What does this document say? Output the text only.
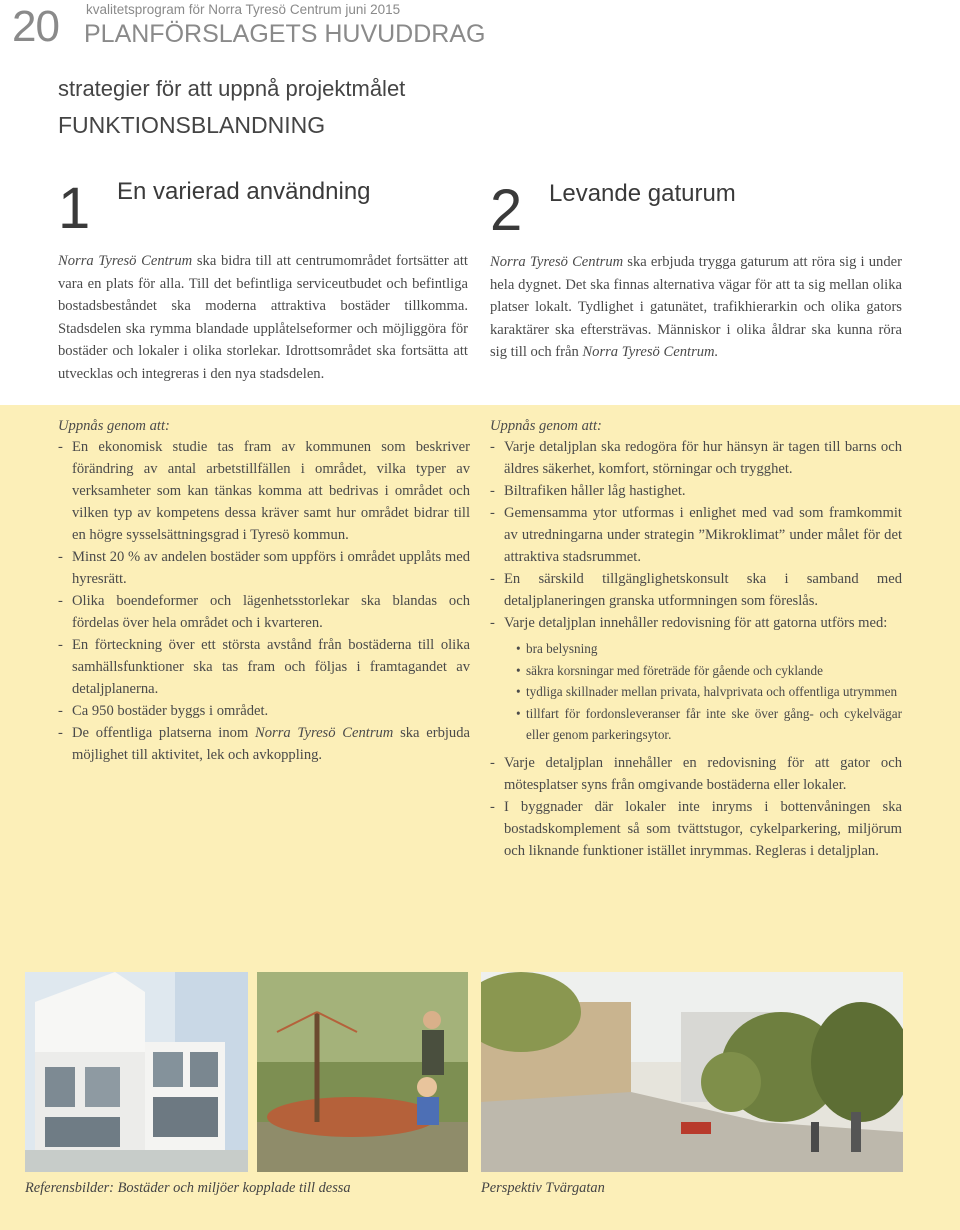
20 kvalitetsprogram för Norra Tyresö Centrum juni 2015
PLANFÖRSLAGETS HUVUDDRAG
strategier för att uppnå projektmålet
FUNKTIONSBLANDNING
1 En varierad användning
Norra Tyresö Centrum ska bidra till att centrumområdet fortsätter att vara en plats för alla. Till det befintliga serviceutbudet och befintliga bostadsbeståndet ska moderna attraktiva bostäder tillkomma. Stadsdelen ska rymma blandade upplåtelseformer och möjliggöra för bostäder och lokaler i olika storlekar. Idrottsområdet ska fortsätta att utvecklas och integreras i den nya stadsdelen.
Uppnås genom att:
- En ekonomisk studie tas fram av kommunen som beskriver förändring av antal arbetstillfällen i området, vilka typer av verksamheter som kan tänkas komma att bedrivas i området och vilken typ av kompetens dessa kräver samt hur området bidrar till en högre sysselsättningsgrad i Tyresö kommun.
- Minst 20 % av andelen bostäder som uppförs i området upplåts med hyresrätt.
- Olika boendeformer och lägenhetsstorlekar ska blandas och fördelas över hela området och i kvarteren.
- En förteckning över ett största avstånd från bostäderna till olika samhällsfunktioner ska tas fram och följas i framtagandet av detaljplanerna.
- Ca 950 bostäder byggs i området.
- De offentliga platserna inom Norra Tyresö Centrum ska erbjuda möjlighet till aktivitet, lek och avkoppling.
2 Levande gaturum
Norra Tyresö Centrum ska erbjuda trygga gaturum att röra sig i under hela dygnet. Det ska finnas alternativa vägar för att ta sig mellan olika platser lokalt. Tydlighet i gatunätet, trafikhierarkin och olika gators karaktärer ska eftersträvas. Människor i olika åldrar ska kunna röra sig till och från Norra Tyresö Centrum.
Uppnås genom att:
- Varje detaljplan ska redogöra för hur hänsyn är tagen till barns och äldres säkerhet, komfort, störningar och trygghet.
- Biltrafiken håller låg hastighet.
- Gemensamma ytor utformas i enlighet med vad som framkommit av utredningarna under strategin ”Mikroklimat” under målet för det attraktiva stadsrummet.
- En särskild tillgänglighetskonsult ska i samband med detaljplaneringen granska utformningen som föreslås.
- Varje detaljplan innehåller redovisning för att gatorna utförs med:
• bra belysning
• säkra korsningar med företräde för gående och cyklande
• tydliga skillnader mellan privata, halvprivata och offentliga utrymmen
• tillfart för fordonsleveranser får inte ske över gång- och cykelvägar eller genom parkeringsytor.
- Varje detaljplan innehåller en redovisning för att gator och mötesplatser syns från omgivande bostäderna eller lokaler.
- I byggnader där lokaler inte inryms i bottenvåningen ska bostadskomplement så som tvättstugor, cykelparkering, miljörum och liknande funktioner istället inrymmas. Regleras i detaljplan.
Referensbilder: Bostäder och miljöer kopplade till dessa	Perspektiv Tvärgatan
